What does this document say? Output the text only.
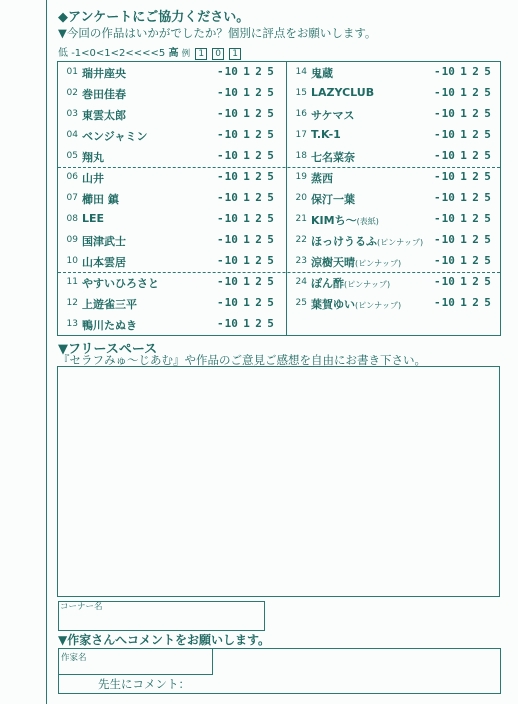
◆アンケートにご協力ください。
▼今回の作品はいかがでしたか？個別に評点をお願いします。
低 -1<0<1<2<<<<5 高 例 1 0 1
01 瑞井座央	-10 1 2 5
02 巻田佳春	-10 1 2 5
03 東雲太郎	-10 1 2 5
04 ベンジャミン	-10 1 2 5
05 翔丸	-10 1 2 5
06 山井	-10 1 2 5
07 櫛田 鎮	-10 1 2 5
08 LEE	-10 1 2 5
09 国津武士	-10 1 2 5
10 山本雲居	-10 1 2 5
11 やすいひろさと	-10 1 2 5
12 上遊雀三平	-10 1 2 5
13 鴨川たぬき	-10 1 2 5
14 鬼蔵	-10 1 2 5
15 LAZYCLUB	-10 1 2 5
16 サケマス	-10 1 2 5
17 T.K-1	-10 1 2 5
18 七名菜奈	-10 1 2 5
19 蒸西	-10 1 2 5
20 保汀一葉	-10 1 2 5
21 KIMち～(表紙)	-10 1 2 5
22 ほっけうるふ(ピンナップ) -10 1 2 5
23 涼樹天晴(ピンナップ)	-10 1 2 5
24 ぽん酢(ピンナップ)	-10 1 2 5
25 葉賀ゆい(ピンナップ)	-10 1 2 5
▼フリースペース
『セラフみゅ～じあむ』や作品のご意見ご感想を自由にお書き下さい。
コーナー名
▼作家さんへコメントをお願いします。
作家名
先生にコメント：
